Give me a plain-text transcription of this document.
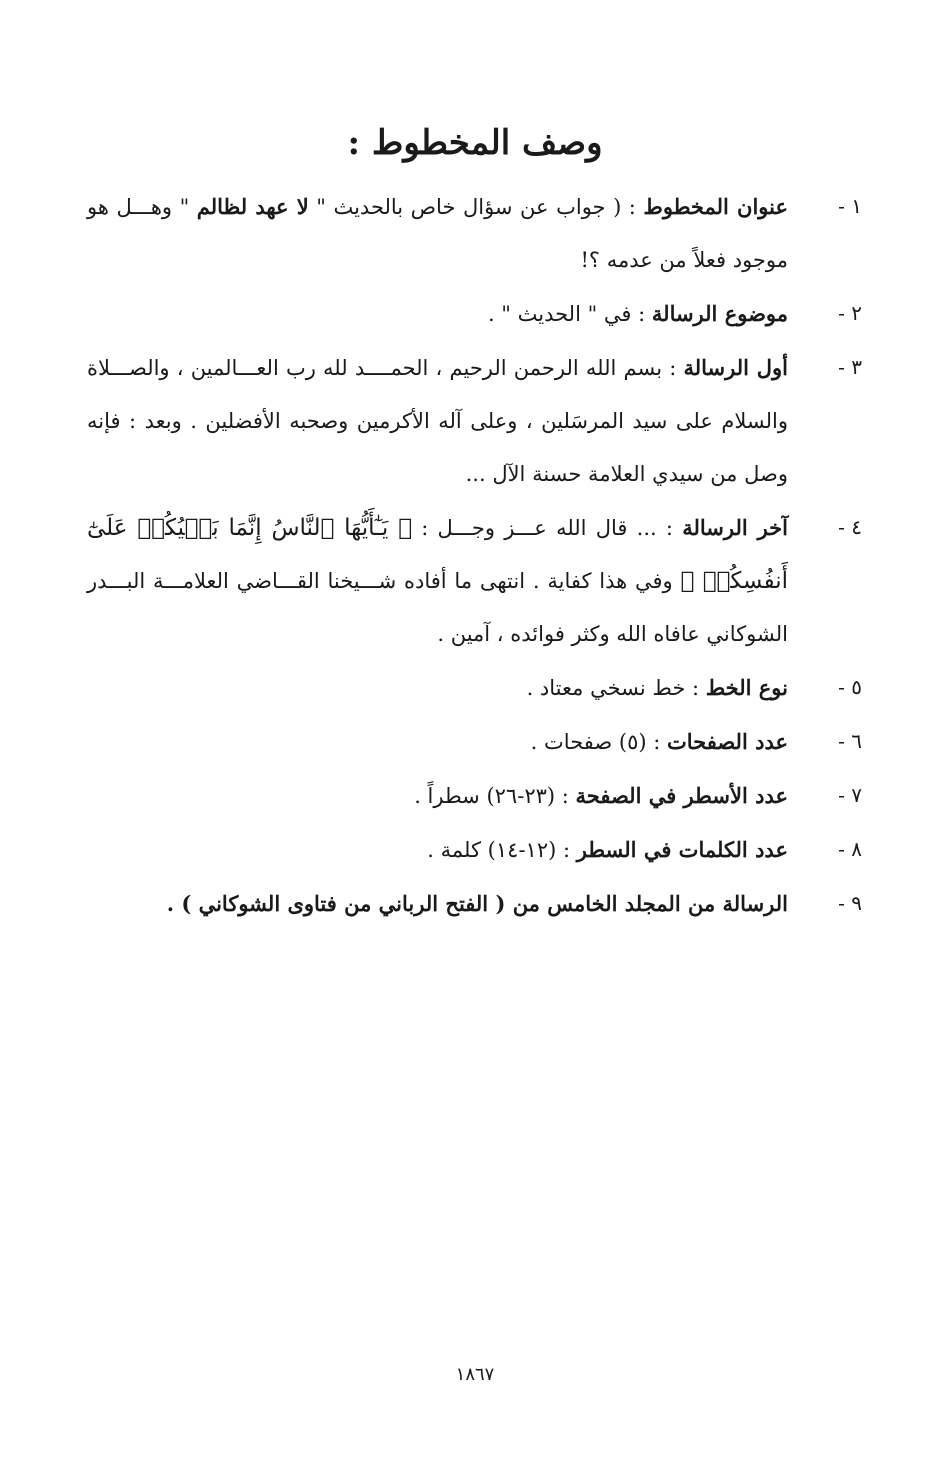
وصف المخطوط :
١ -
عنوان المخطوط : ( جواب عن سؤال خاص بالحديث " لا عهد لظالم " وهـــل هو موجود فعلاً من عدمه ؟!
٢ -
موضوع الرسالة : في " الحديث " .
٣ -
أول الرسالة : بسم الله الرحمن الرحيم ، الحمــــد لله رب العـــالمين ، والصـــلاة والسلام على سيد المرسَلين ، وعلى آله الأكرمين وصحبه الأفضلين . وبعد : فإنه وصل من سيدي العلامة حسنة الآل ...
٤ -
آخر الرسالة : ... قال الله عـــز وجـــل : ﴿ يَـٰٓأَيُّهَا ٱلنَّاسُ إِنَّمَا بَغۡيُكُمۡ عَلَىٰٓ أَنفُسِكُمۖ ﴾ وفي هذا كفاية . انتهى ما أفاده شـــيخنا القـــاضي العلامـــة البـــدر الشوكاني عافاه الله وكثر فوائده ، آمين .
٥ -
نوع الخط : خط نسخي معتاد .
٦ -
عدد الصفحات : (٥) صفحات .
٧ -
عدد الأسطر في الصفحة : (٢٣-٢٦) سطراً .
٨ -
عدد الكلمات في السطر : (١٢-١٤) كلمة .
٩ -
الرسالة من المجلد الخامس من ( الفتح الرباني من فتاوى الشوكاني ) .
١٨٦٧
